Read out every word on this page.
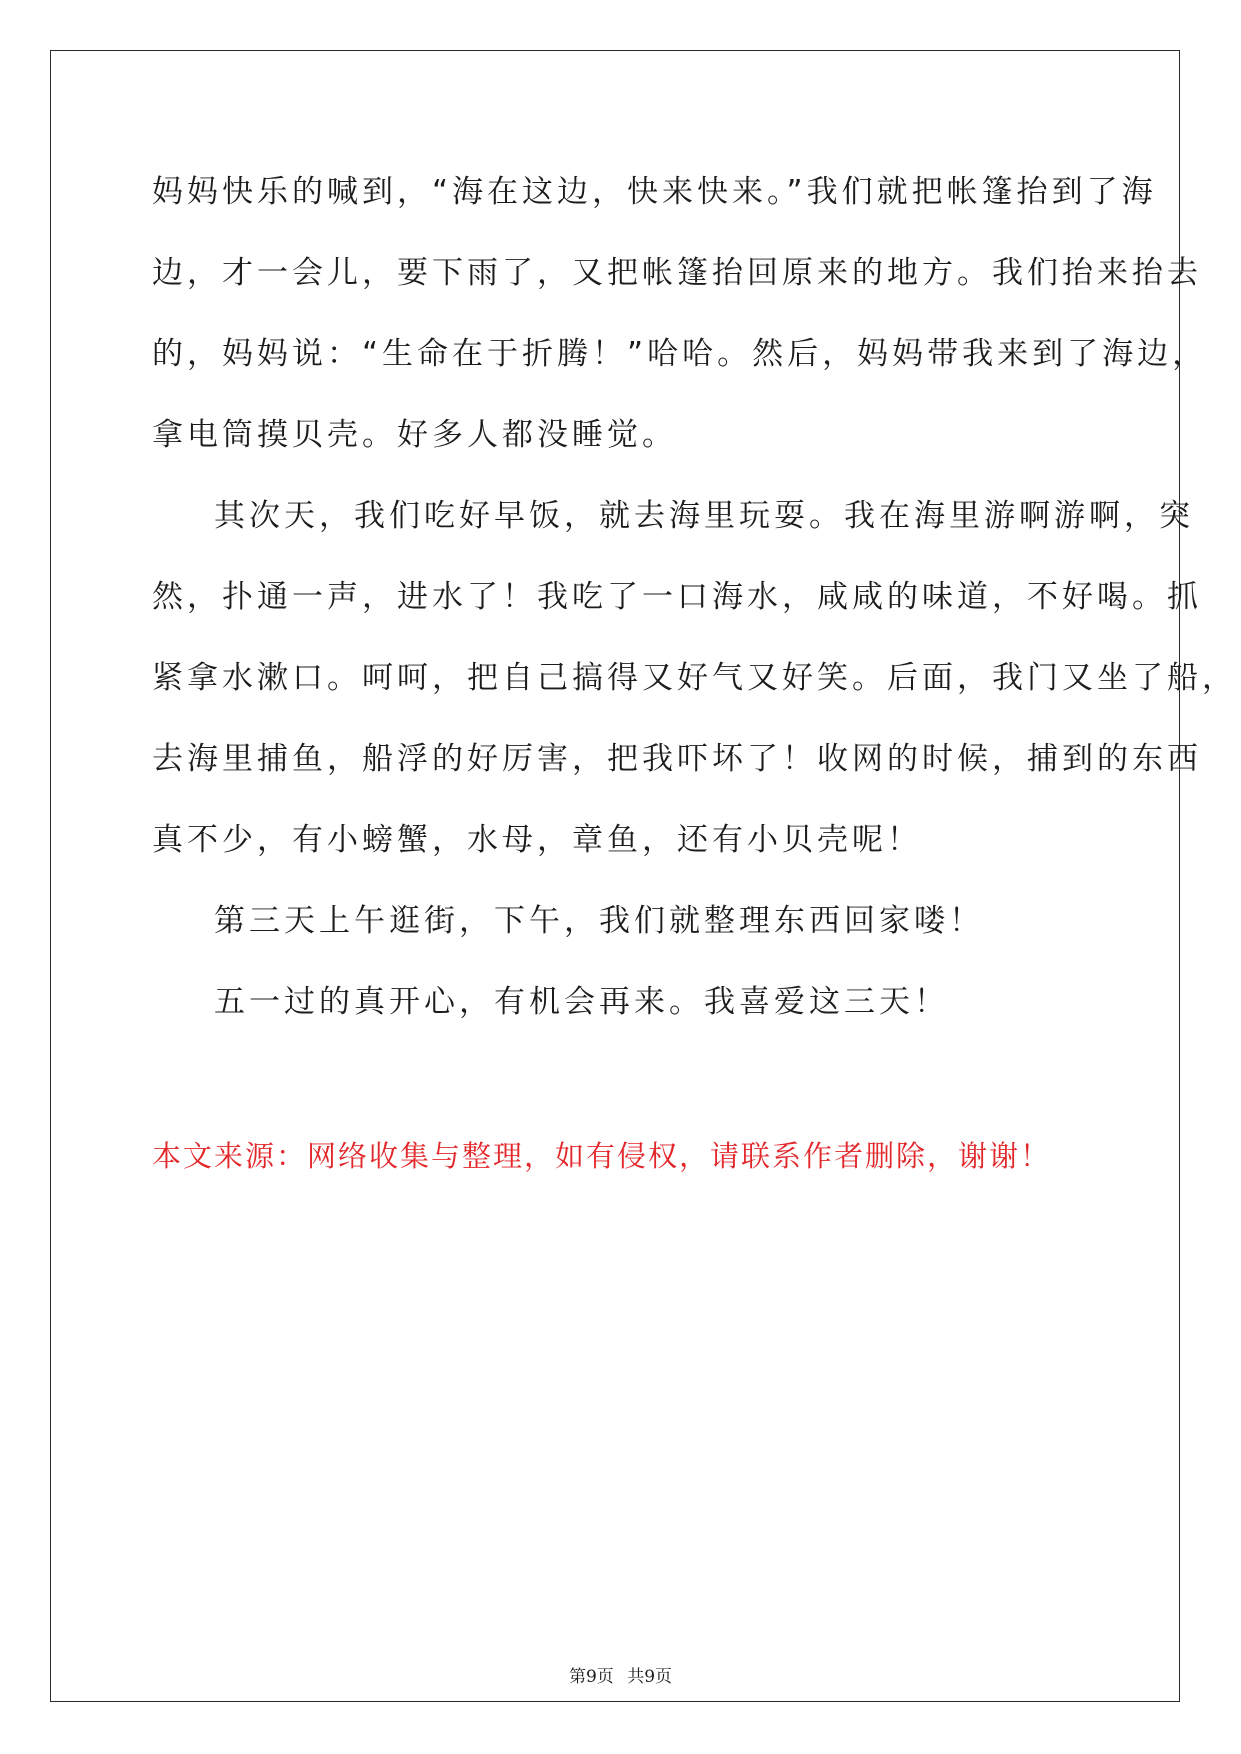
妈妈快乐的喊到，“海在这边，快来快来。”我们就把帐篷抬到了海
边，才一会儿，要下雨了，又把帐篷抬回原来的地方。我们抬来抬去
的，妈妈说：“生命在于折腾！”哈哈。然后，妈妈带我来到了海边，
拿电筒摸贝壳。好多人都没睡觉。
其次天，我们吃好早饭，就去海里玩耍。我在海里游啊游啊，突
然，扑通一声，进水了！我吃了一口海水，咸咸的味道，不好喝。抓
紧拿水漱口。呵呵，把自己搞得又好气又好笑。后面，我门又坐了船，
去海里捕鱼，船浮的好厉害，把我吓坏了！收网的时候，捕到的东西
真不少，有小螃蟹，水母，章鱼，还有小贝壳呢！
第三天上午逛街，下午，我们就整理东西回家喽！
五一过的真开心，有机会再来。我喜爱这三天！
本文来源：网络收集与整理，如有侵权，请联系作者删除，谢谢！
第9页 共9页
